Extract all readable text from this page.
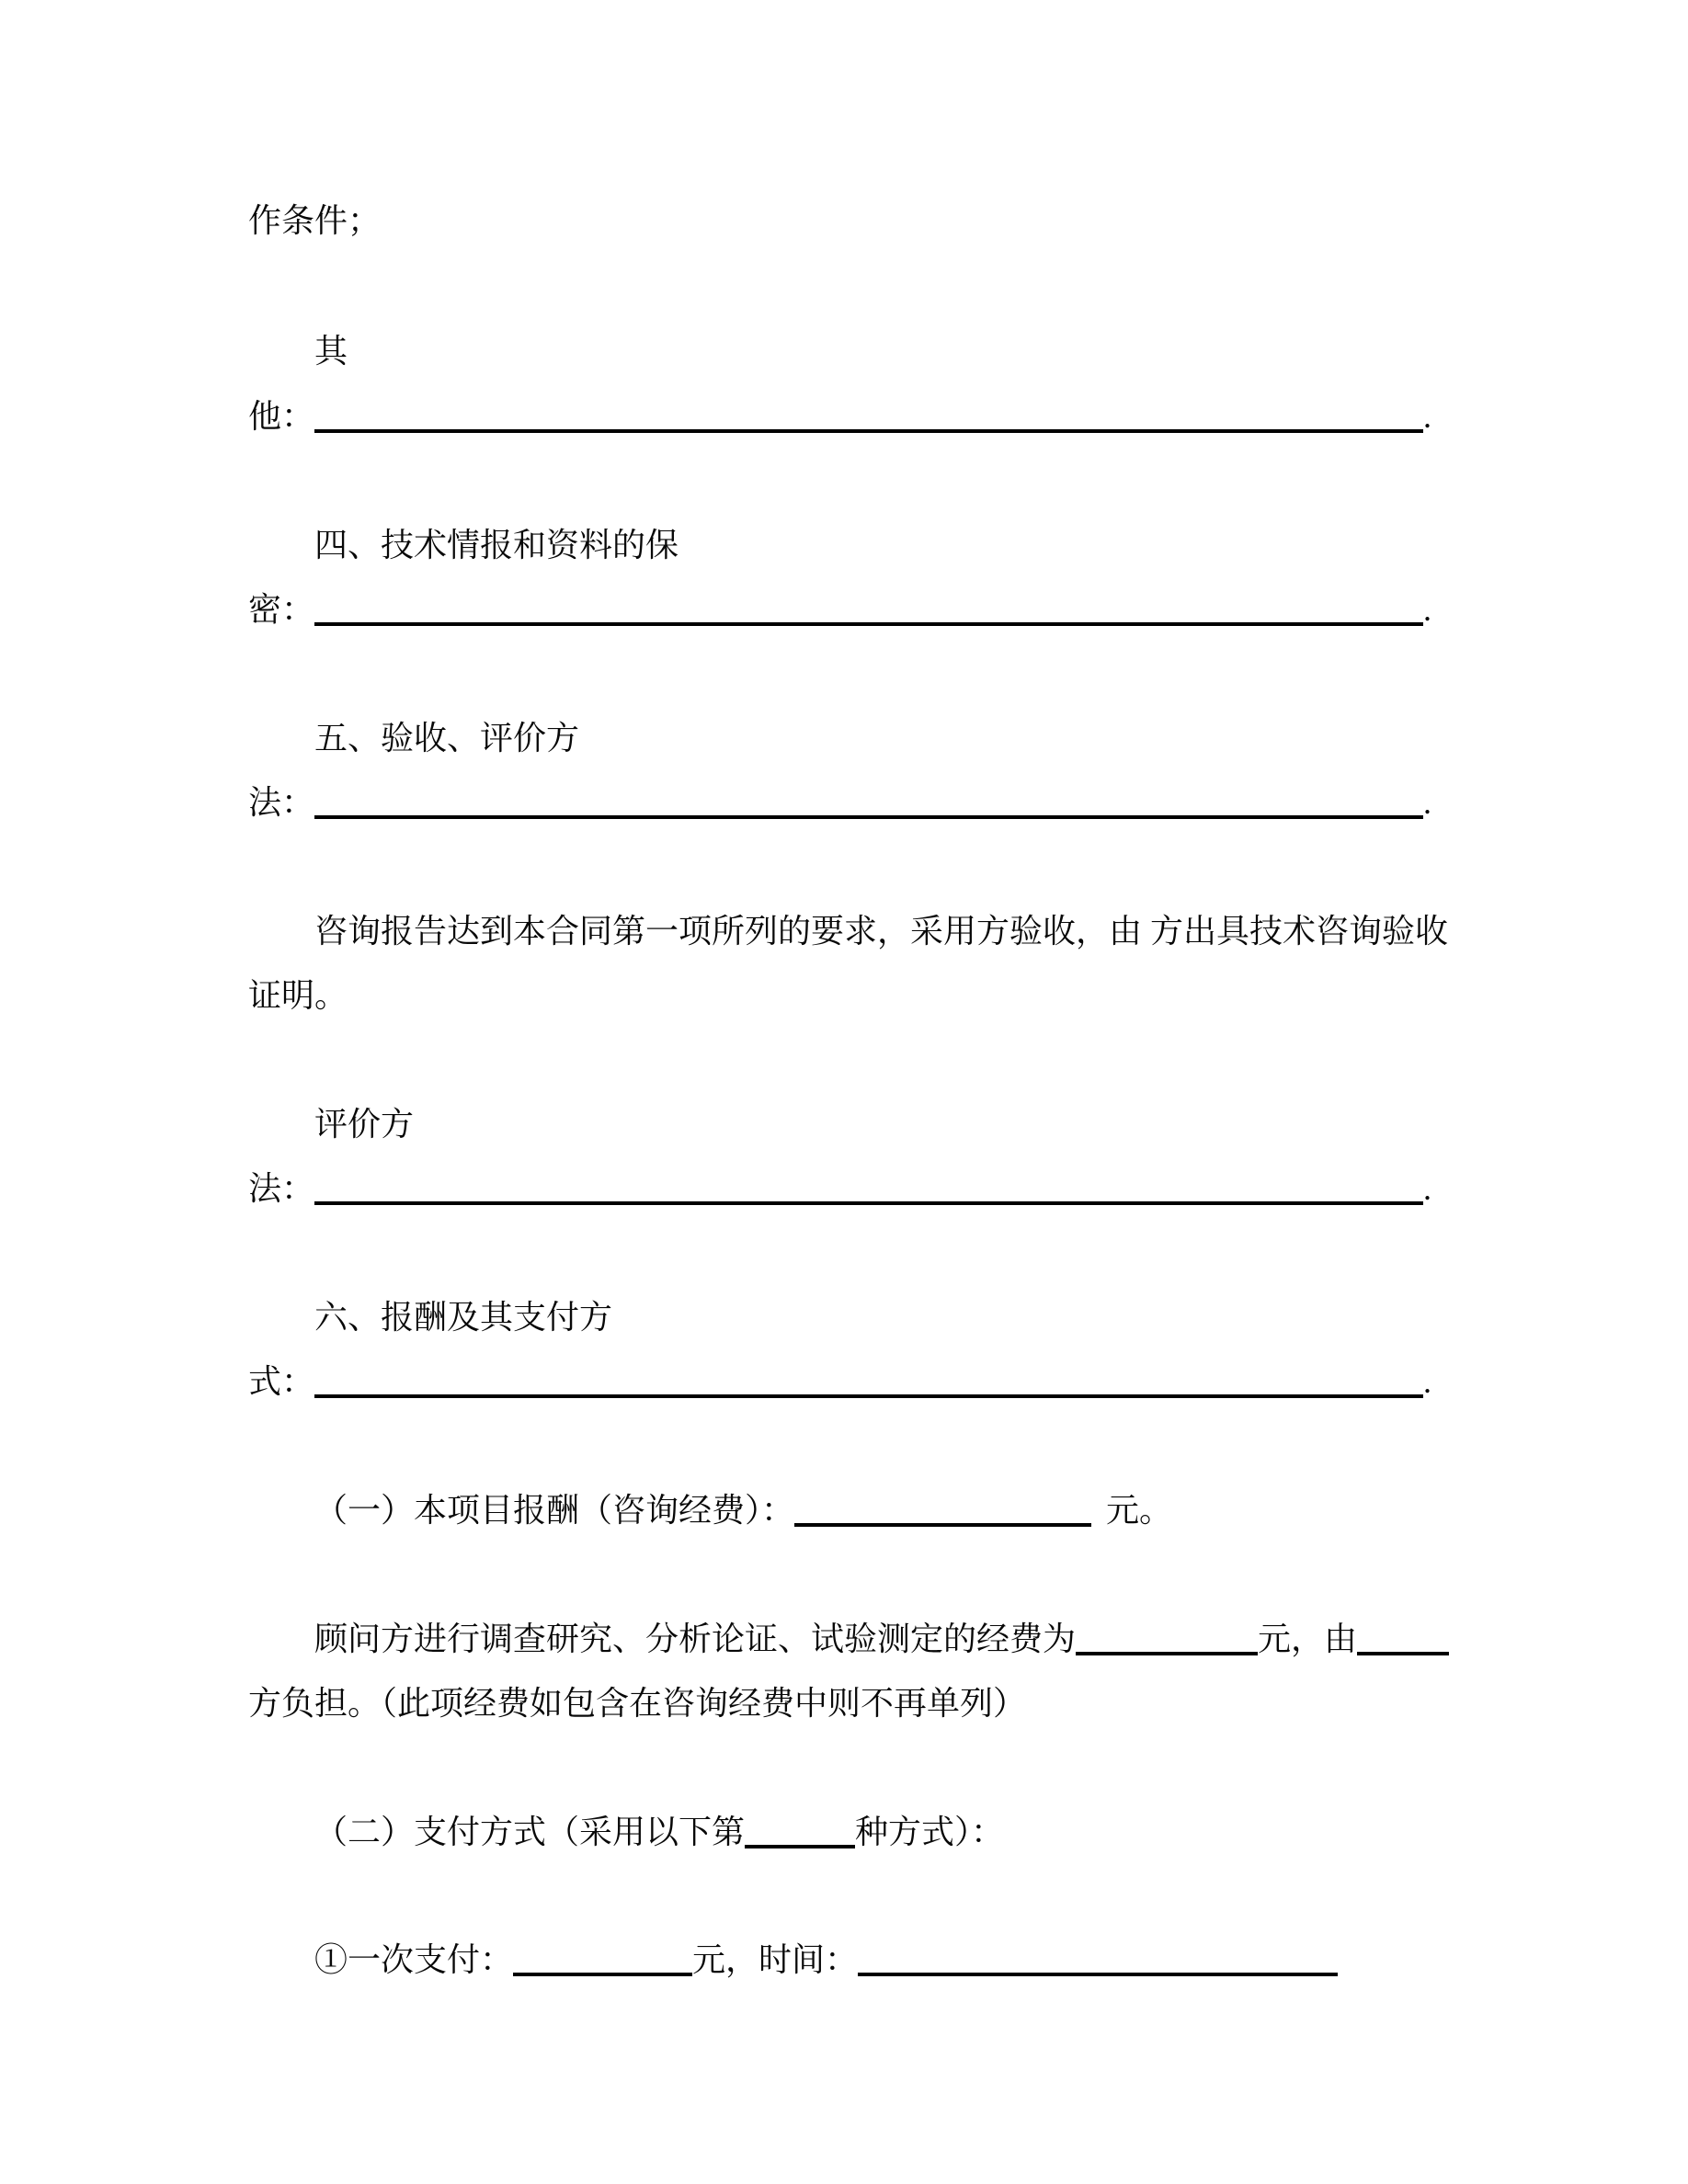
作条件；
其
他：	.
四、技术情报和资料的保
密：	.
五、验收、评价方
法：	.
咨询报告达到本合同第一项所列的要求，采用方验收，由 方出具技术咨询验收
证明。
评价方
法：	.
六、报酬及其支付方
式：	.
（一）本项目报酬（咨询经费）：	元。
顾问方进行调查研究、分析论证、试验测定的经费为	元，由
方负担。（此项经费如包含在咨询经费中则不再单列）
（二）支付方式（采用以下第	种方式）：
①一次支付：	元，时间：
